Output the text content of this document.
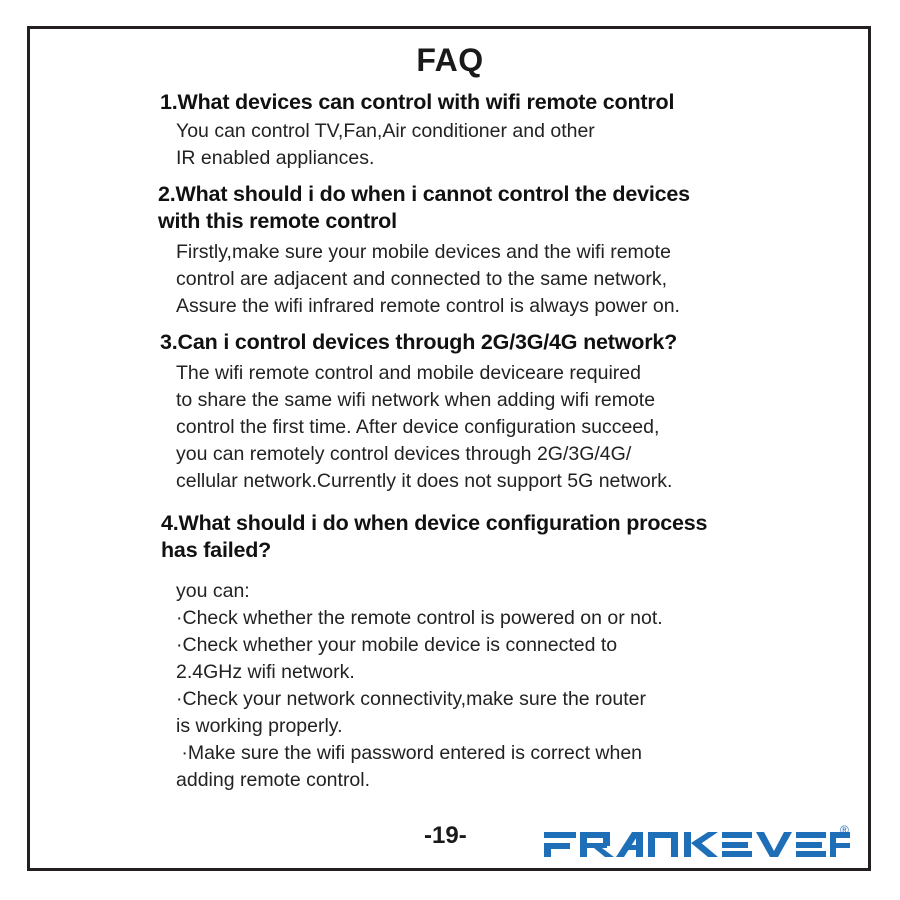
FAQ
1.What devices can control with wifi remote control
You can control TV,Fan,Air conditioner and other
IR enabled appliances.
2.What should i do when i cannot control the devices
with this remote control
Firstly,make sure your mobile devices and the wifi remote
control are adjacent and connected to the same network,
Assure the wifi infrared remote control is always power on.
3.Can i control devices through 2G/3G/4G network?
The wifi remote control and mobile deviceare required
to share the same wifi network when adding wifi remote
control the first time. After device configuration succeed,
you can remotely control devices through 2G/3G/4G/
cellular network.Currently it does not support 5G network.
4.What should i do when device configuration process
has failed?
you can:
·Check whether the remote control is powered on or not.
·Check whether your mobile device is connected to
2.4GHz wifi network.
·Check your network connectivity,make sure the router
is working properly.
·Make sure the wifi password entered is correct when
adding remote control.
-19-	®
